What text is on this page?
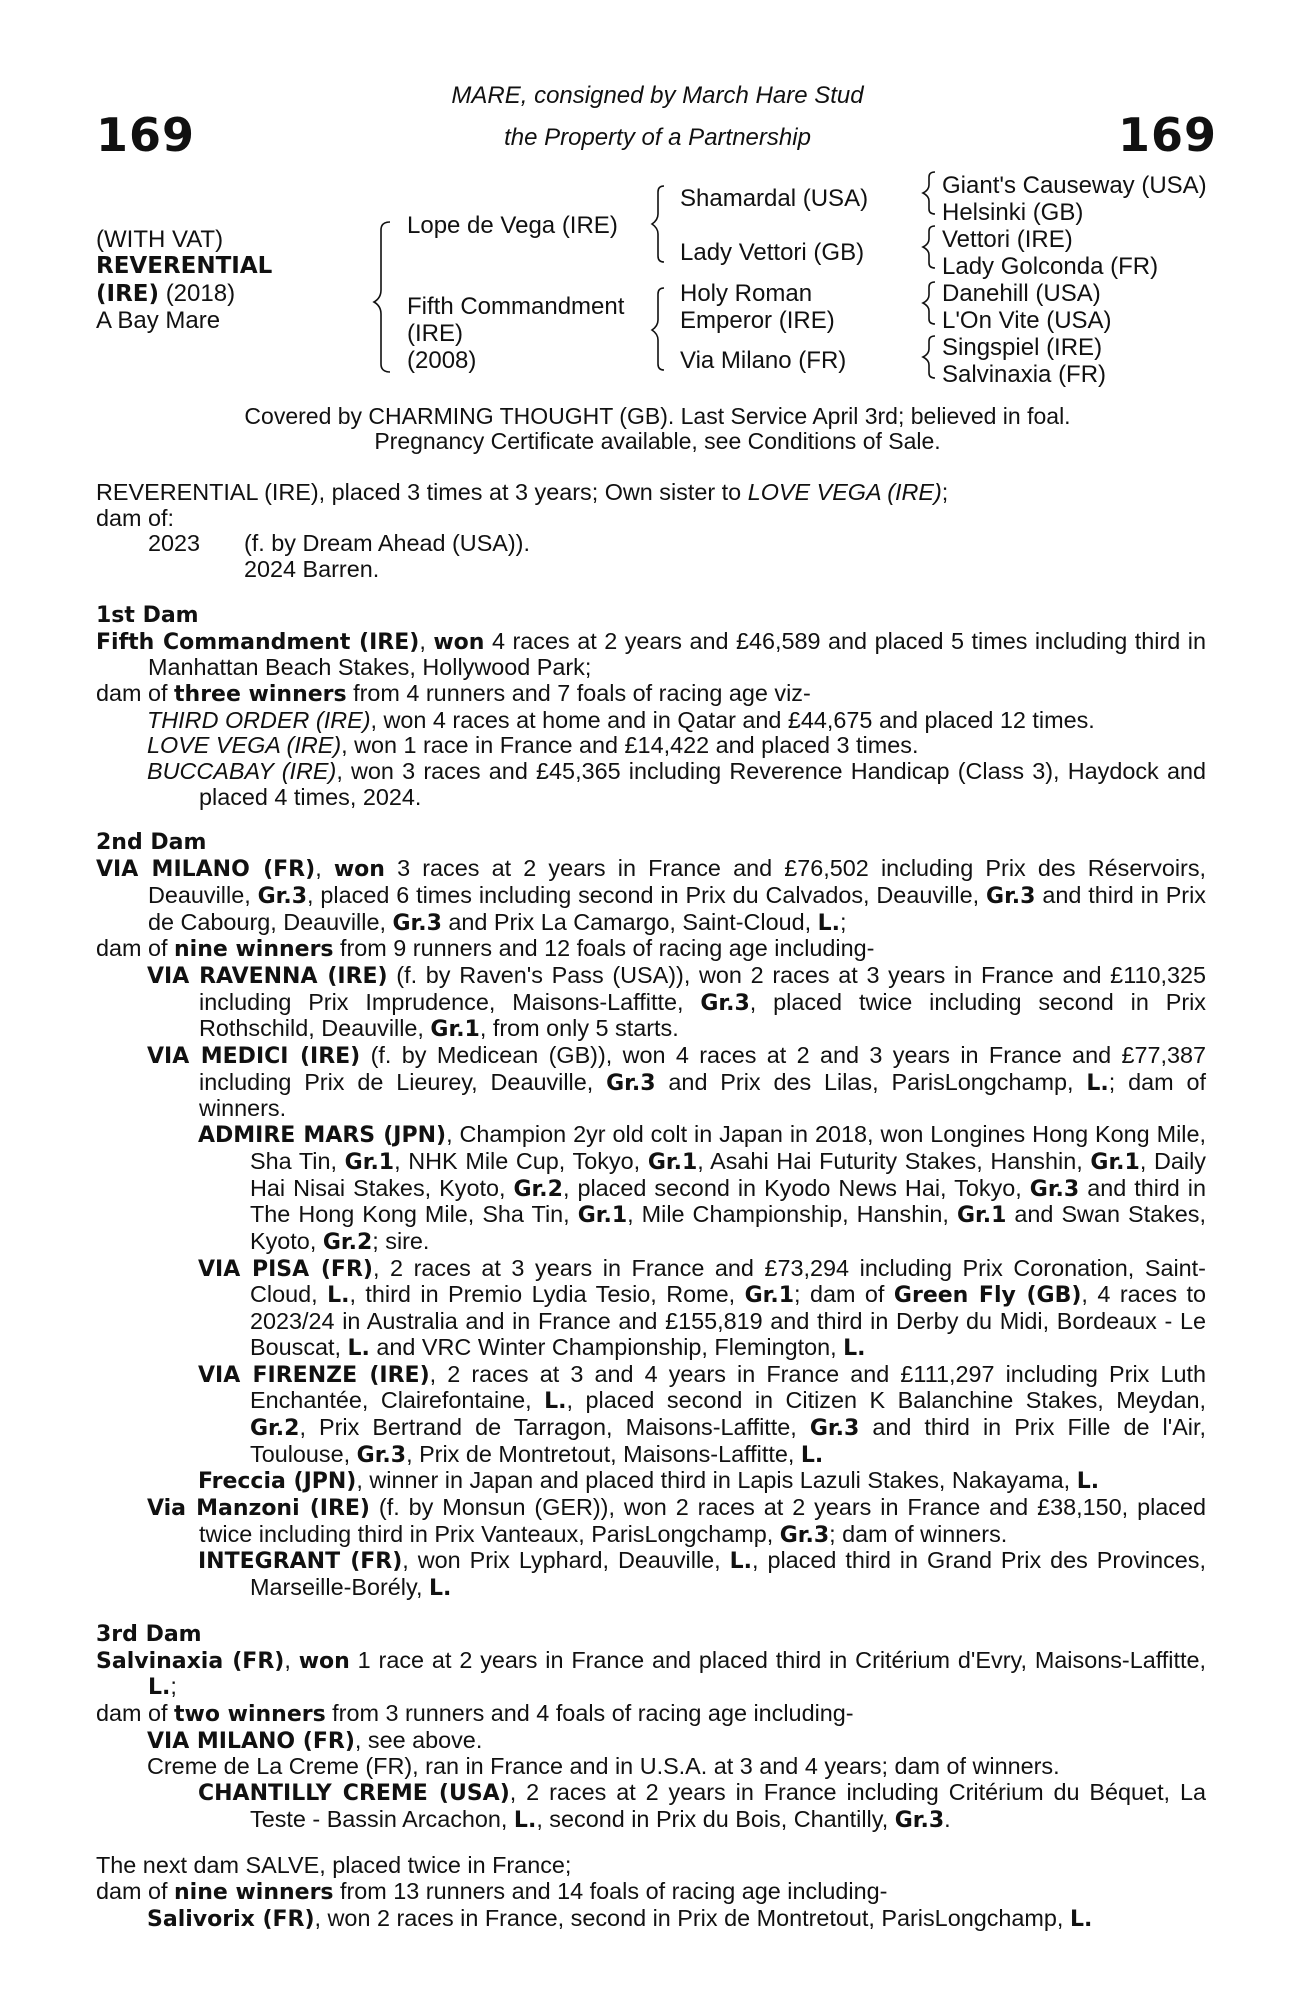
169	169
MARE, consigned by March Hare Stud
the Property of a Partnership
(WITH VAT)
REVERENTIAL
(IRE) (2018)
A Bay Mare
Lope de Vega (IRE)
Fifth Commandment
(IRE)
(2008)
Shamardal (USA)
Lady Vettori (GB)
Holy Roman
Emperor (IRE)
Via Milano (FR)
Giant's Causeway (USA)
Helsinki (GB)
Vettori (IRE)
Lady Golconda (FR)
Danehill (USA)
L'On Vite (USA)
Singspiel (IRE)
Salvinaxia (FR)
Covered by CHARMING THOUGHT (GB). Last Service April 3rd; believed in foal.
Pregnancy Certificate available, see Conditions of Sale.

REVERENTIAL (IRE), placed 3 times at 3 years; Own sister to LOVE VEGA (IRE);

dam of:

2023	(f. by Dream Ahead (USA)).
2024 Barren.

1st Dam

Fifth Commandment (IRE), won 4 races at 2 years and £46,589 and placed 5 times including third in Manhattan Beach Stakes, Hollywood Park;

dam of three winners from 4 runners and 7 foals of racing age viz-

THIRD ORDER (IRE), won 4 races at home and in Qatar and £44,675 and placed 12 times.

LOVE VEGA (IRE), won 1 race in France and £14,422 and placed 3 times.

BUCCABAY (IRE), won 3 races and £45,365 including Reverence Handicap (Class 3), Haydock and placed 4 times, 2024.

2nd Dam

VIA MILANO (FR), won 3 races at 2 years in France and £76,502 including Prix des Réservoirs, Deauville, Gr.3, placed 6 times including second in Prix du Calvados, Deauville, Gr.3 and third in Prix de Cabourg, Deauville, Gr.3 and Prix La Camargo, Saint-Cloud, L.;

dam of nine winners from 9 runners and 12 foals of racing age including-

VIA RAVENNA (IRE) (f. by Raven's Pass (USA)), won 2 races at 3 years in France and £110,325 including Prix Imprudence, Maisons-Laffitte, Gr.3, placed twice including second in Prix Rothschild, Deauville, Gr.1, from only 5 starts.

VIA MEDICI (IRE) (f. by Medicean (GB)), won 4 races at 2 and 3 years in France and £77,387 including Prix de Lieurey, Deauville, Gr.3 and Prix des Lilas, ParisLongchamp, L.; dam of winners.

ADMIRE MARS (JPN), Champion 2yr old colt in Japan in 2018, won Longines Hong Kong Mile, Sha Tin, Gr.1, NHK Mile Cup, Tokyo, Gr.1, Asahi Hai Futurity Stakes, Hanshin, Gr.1, Daily Hai Nisai Stakes, Kyoto, Gr.2, placed second in Kyodo News Hai, Tokyo, Gr.3 and third in The Hong Kong Mile, Sha Tin, Gr.1, Mile Championship, Hanshin, Gr.1 and Swan Stakes, Kyoto, Gr.2; sire.

VIA PISA (FR), 2 races at 3 years in France and £73,294 including Prix Coronation, Saint-Cloud, L., third in Premio Lydia Tesio, Rome, Gr.1; dam of Green Fly (GB), 4 races to 2023/24 in Australia and in France and £155,819 and third in Derby du Midi, Bordeaux - Le Bouscat, L. and VRC Winter Championship, Flemington, L.

VIA FIRENZE (IRE), 2 races at 3 and 4 years in France and £111,297 including Prix Luth Enchantée, Clairefontaine, L., placed second in Citizen K Balanchine Stakes, Meydan, Gr.2, Prix Bertrand de Tarragon, Maisons-Laffitte, Gr.3 and third in Prix Fille de l'Air, Toulouse, Gr.3, Prix de Montretout, Maisons-Laffitte, L.

Freccia (JPN), winner in Japan and placed third in Lapis Lazuli Stakes, Nakayama, L.

Via Manzoni (IRE) (f. by Monsun (GER)), won 2 races at 2 years in France and £38,150, placed twice including third in Prix Vanteaux, ParisLongchamp, Gr.3; dam of winners.

INTEGRANT (FR), won Prix Lyphard, Deauville, L., placed third in Grand Prix des Provinces, Marseille-Borély, L.

3rd Dam

Salvinaxia (FR), won 1 race at 2 years in France and placed third in Critérium d'Evry, Maisons-Laffitte, L.;

dam of two winners from 3 runners and 4 foals of racing age including-

VIA MILANO (FR), see above.

Creme de La Creme (FR), ran in France and in U.S.A. at 3 and 4 years; dam of winners.

CHANTILLY CREME (USA), 2 races at 2 years in France including Critérium du Béquet, La Teste - Bassin Arcachon, L., second in Prix du Bois, Chantilly, Gr.3.

The next dam SALVE, placed twice in France;

dam of nine winners from 13 runners and 14 foals of racing age including-

Salivorix (FR), won 2 races in France, second in Prix de Montretout, ParisLongchamp, L.
